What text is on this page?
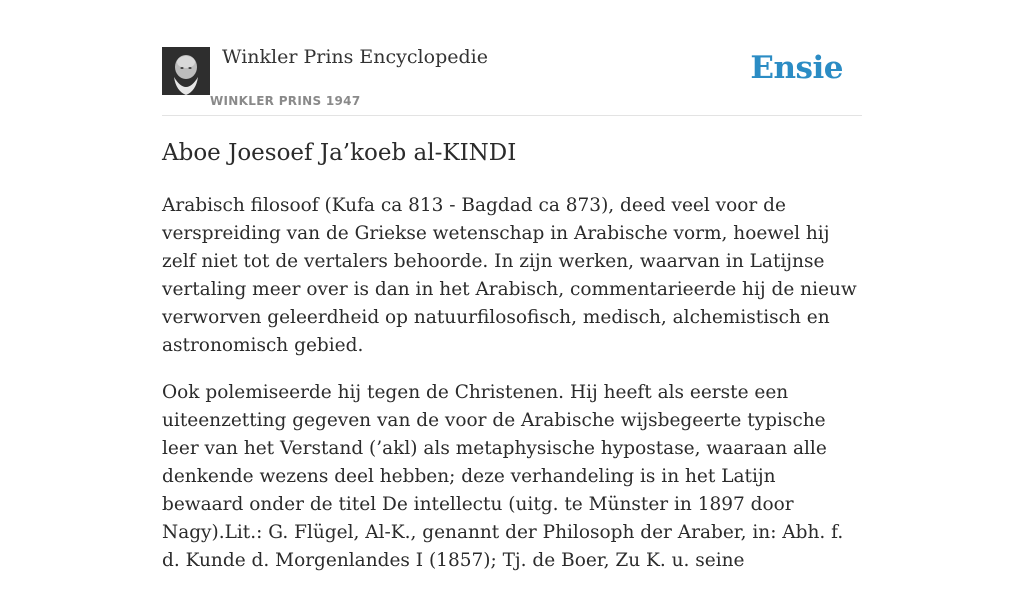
Winkler Prins Encyclopedie
WINKLER PRINS 1947
Ensie
Aboe Joesoef Ja’koeb al-KINDI

Arabisch filosoof (Kufa ca 813 - Bagdad ca 873), deed veel voor de verspreiding van de Griekse wetenschap in Arabische vorm, hoewel hij zelf niet tot de vertalers behoorde. In zijn werken, waarvan in Latijnse vertaling meer over is dan in het Arabisch, commentarieerde hij de nieuw verworven geleerdheid op natuurfilosofisch, medisch, alchemistisch en astronomisch gebied.

Ook polemiseerde hij tegen de Christenen. Hij heeft als eerste een uiteenzetting gegeven van de voor de Arabische wijsbegeerte typische leer van het Verstand (’akl) als metaphysische hypostase, waaraan alle denkende wezens deel hebben; deze verhandeling is in het Latijn bewaard onder de titel De intellectu (uitg. te Münster in 1897 door Nagy).Lit.: G. Flügel, Al-K., genannt der Philosoph der Araber, in: Abh. f. d. Kunde d. Morgenlandes I (1857); Tj. de Boer, Zu K. u. seine
